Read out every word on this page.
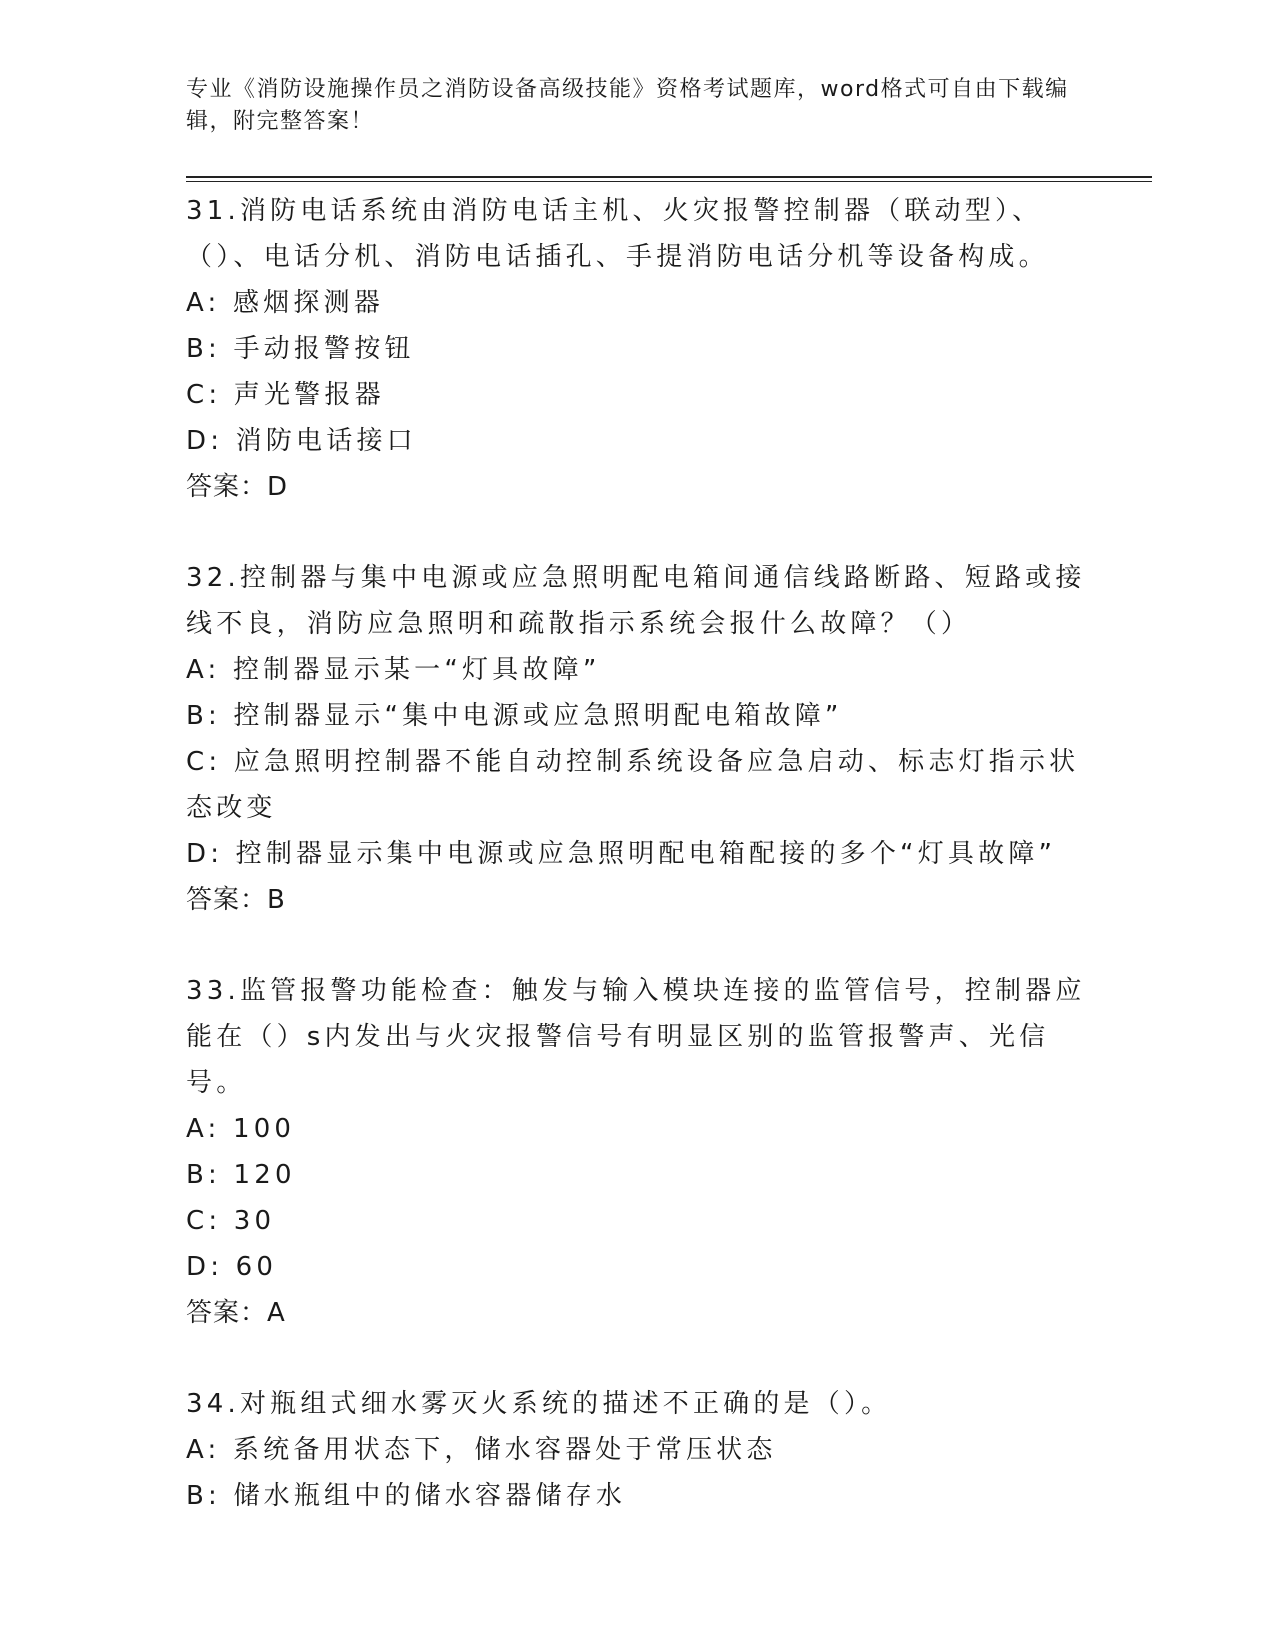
专业《消防设施操作员之消防设备高级技能》资格考试题库，word格式可自由下载编辑，附完整答案！
31.消防电话系统由消防电话主机、火灾报警控制器（联动型）、（）、电话分机、消防电话插孔、手提消防电话分机等设备构成。
A: 感烟探测器
B: 手动报警按钮
C: 声光警报器
D: 消防电话接口
答案：D
32.控制器与集中电源或应急照明配电箱间通信线路断路、短路或接线不良，消防应急照明和疏散指示系统会报什么故障？（）
A: 控制器显示某一“灯具故障”
B: 控制器显示“集中电源或应急照明配电箱故障”
C: 应急照明控制器不能自动控制系统设备应急启动、标志灯指示状态改变
D: 控制器显示集中电源或应急照明配电箱配接的多个“灯具故障”
答案：B
33.监管报警功能检查：触发与输入模块连接的监管信号，控制器应能在（）s内发出与火灾报警信号有明显区别的监管报警声、光信号。
A: 100
B: 120
C: 30
D: 60
答案：A
34.对瓶组式细水雾灭火系统的描述不正确的是（）。
A: 系统备用状态下，储水容器处于常压状态
B: 储水瓶组中的储水容器储存水
